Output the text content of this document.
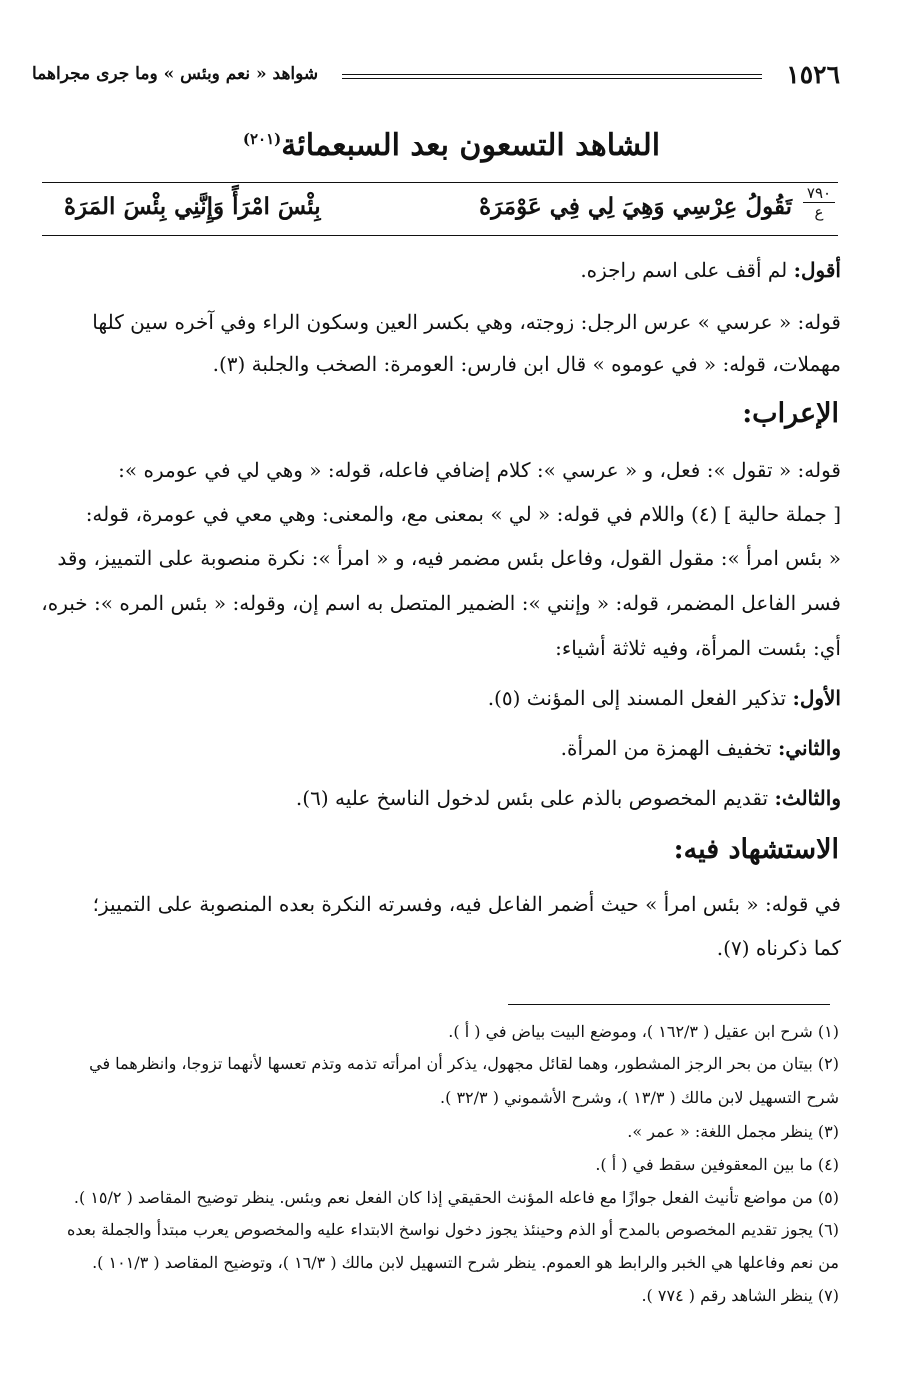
١٥٢٦
شواهد « نعم وبئس » وما جرى مجراهما
الشاهد التسعون بعد السبعمائة$^{(٢٠١)}$
٧٩٠
ع
تَقُولُ عِرْسِي وَهِيَ لِي فِي عَوْمَرَهْ
بِئْسَ امْرَأً وَإِنَّنِي بِئْسَ المَرَهْ
أقول: لم أقف على اسم راجزه.
قوله: « عرسي » عرس الرجل: زوجته، وهي بكسر العين وسكون الراء وفي آخره سين كلها
مهملات، قوله: « في عوموه » قال ابن فارس: العومرة: الصخب والجلبة (٣).
الإعراب:
قوله: « تقول »: فعل، و « عرسي »: كلام إضافي فاعله، قوله: « وهي لي في عومره »:
[ جملة حالية ] (٤) واللام في قوله: « لي » بمعنى مع، والمعنى: وهي معي في عومرة، قوله:
« بئس امرأ »: مقول القول، وفاعل بئس مضمر فيه، و « امرأ »: نكرة منصوبة على التمييز، وقد
فسر الفاعل المضمر، قوله: « وإنني »: الضمير المتصل به اسم إن، وقوله: « بئس المره »: خبره،
أي: بئست المرأة، وفيه ثلاثة أشياء:
الأول: تذكير الفعل المسند إلى المؤنث (٥).
والثاني: تخفيف الهمزة من المرأة.
والثالث: تقديم المخصوص بالذم على بئس لدخول الناسخ عليه (٦).
الاستشهاد فيه:
في قوله: « بئس امرأ » حيث أضمر الفاعل فيه، وفسرته النكرة بعده المنصوبة على التمييز؛
كما ذكرناه (٧).
(١) شرح ابن عقيل ( ١٦٢/٣ )، وموضع البيت بياض في ( أ ).
(٢) بيتان من بحر الرجز المشطور، وهما لقائل مجهول، يذكر أن امرأته تذمه وتذم تعسها لأنهما تزوجا، وانظرهما في
شرح التسهيل لابن مالك ( ١٣/٣ )، وشرح الأشموني ( ٣٢/٣ ).
(٣) ينظر مجمل اللغة: « عمر ».
(٤) ما بين المعقوفين سقط في ( أ ).
(٥) من مواضع تأنيث الفعل جوازًا مع فاعله المؤنث الحقيقي إذا كان الفعل نعم وبئس. ينظر توضيح المقاصد ( ١٥/٢ ).
(٦) يجوز تقديم المخصوص بالمدح أو الذم وحينئذ يجوز دخول نواسخ الابتداء عليه والمخصوص يعرب مبتدأ والجملة بعده
من نعم وفاعلها هي الخبر والرابط هو العموم. ينظر شرح التسهيل لابن مالك ( ١٦/٣ )، وتوضيح المقاصد ( ١٠١/٣ ).
(٧) ينظر الشاهد رقم ( ٧٧٤ ).
